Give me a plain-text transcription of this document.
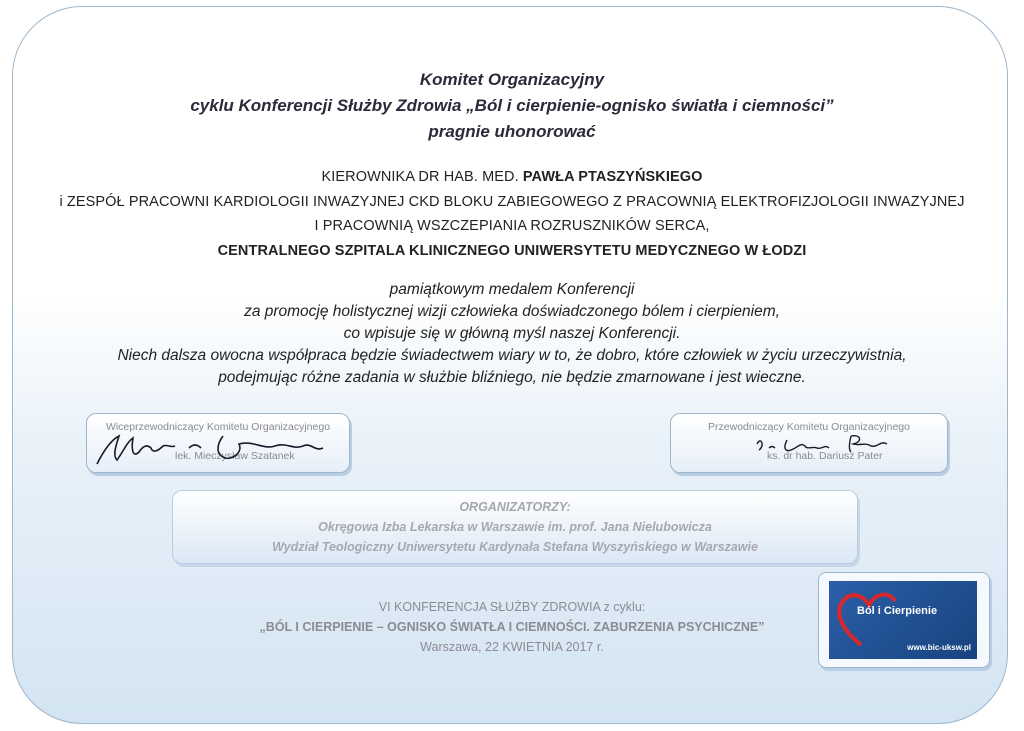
Komitet Organizacyjny
cyklu Konferencji Służby Zdrowia „Ból i cierpienie-ognisko światła i ciemności”
pragnie uhonorować
KIEROWNIKA DR HAB. MED. PAWŁA PTASZYŃSKIEGO
i ZESPÓŁ PRACOWNI KARDIOLOGII INWAZYJNEJ CKD BLOKU ZABIEGOWEGO Z PRACOWNIĄ ELEKTROFIZJOLOGII INWAZYJNEJ
I PRACOWNIĄ WSZCZEPIANIA ROZRUSZNIKÓW SERCA,
CENTRALNEGO SZPITALA KLINICZNEGO UNIWERSYTETU MEDYCZNEGO W ŁODZI
pamiątkowym medalem Konferencji
za promocję holistycznej wizji człowieka doświadczonego bólem i cierpieniem,
co wpisuje się w główną myśl naszej Konferencji.
Niech dalsza owocna współpraca będzie świadectwem wiary w to, że dobro, które człowiek w życiu urzeczywistnia,
podejmując różne zadania w służbie bliźniego, nie będzie zmarnowane i jest wieczne.
Wiceprzewodniczący Komitetu Organizacyjnego
lek. Mieczysław Szatanek
Przewodniczący Komitetu Organizacyjnego
ks. dr hab. Dariusz Pater
ORGANIZATORZY:
Okręgowa Izba Lekarska w Warszawie im. prof. Jana Nielubowicza
Wydział Teologiczny Uniwersytetu Kardynała Stefana Wyszyńskiego w Warszawie
VI KONFERENCJA SŁUŻBY ZDROWIA z cyklu:
„BÓL I CIERPIENIE – OGNISKO ŚWIATŁA I CIEMNOŚCI. ZABURZENIA PSYCHICZNE”
Warszawa, 22 KWIETNIA 2017 r.
Ból i Cierpienie
www.bic-uksw.pl
